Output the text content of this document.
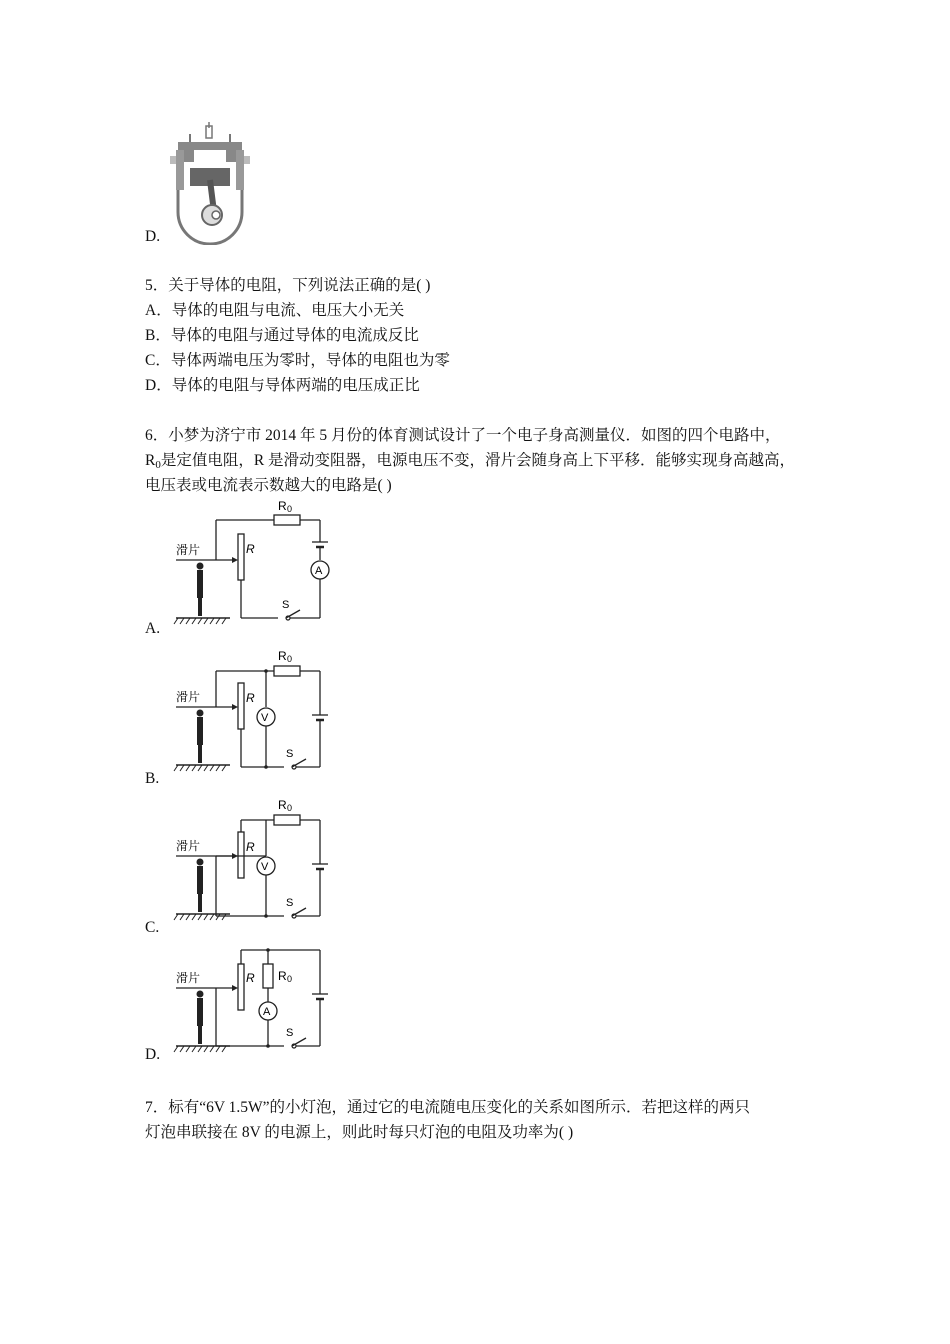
D.
5．关于导体的电阻，下列说法正确的是( )
A．导体的电阻与电流、电压大小无关
B．导体的电阻与通过导体的电流成反比
C．导体两端电压为零时，导体的电阻也为零
D．导体的电阻与导体两端的电压成正比
6．小梦为济宁市 2014 年 5 月份的体育测试设计了一个电子身高测量仪．如图的四个电路中，
$R_0$是定值电阻，R 是滑动变阻器，电源电压不变，滑片会随身高上下平移．能够实现身高越高，
电压表或电流表示数越大的电路是( )
滑片	R
R 0
A
S
A.
滑片	R
R 0
V
S
B.
滑片	R
R 0
V
S
C.
滑片	R R 0
A
S
D.
7．标有“6V 1.5W”的小灯泡，通过它的电流随电压变化的关系如图所示．若把这样的两只
灯泡串联接在 8V 的电源上，则此时每只灯泡的电阻及功率为( )
